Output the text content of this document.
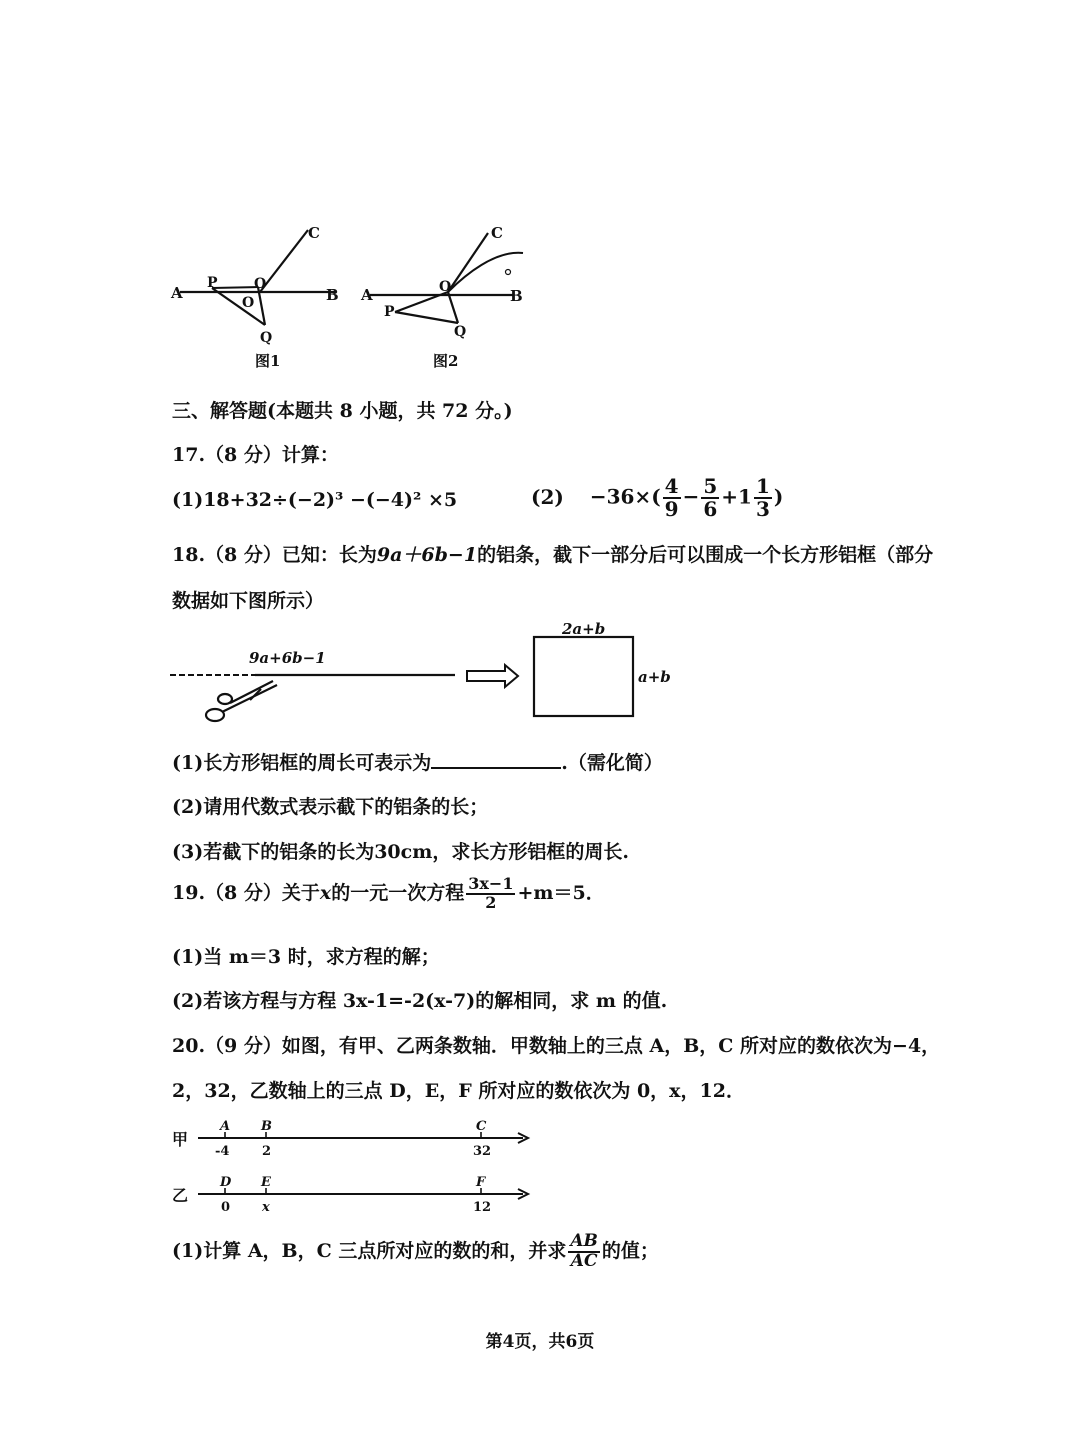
A
P	O
O	B
C
Q
图1
A
P
O	B
C
Q
图2
三、解答题(本题共 8 小题，共 72 分。)
17.（8 分）计算：
(1)18+32÷(−2)³ −(−4)² ×5	$(2) -36\times( \frac{4}{9} - \frac{5}{6} +1 \frac{1}{3}$ )
18.（8 分）已知：长为9a＋6b−1的铝条，截下一部分后可以围成一个长方形铝框（部分
数据如下图所示）
9a+6b−1
2a+b
a+b
(1)长方形铝框的周长可表示为	.（需化简）
(2)请用代数式表示截下的铝条的长；
(3)若截下的铝条的长为30cm，求长方形铝框的周长.
19.（8 分）关于x的一元一次方程 $\frac{3x-1}{2} +m=5$．
(1)当 m＝3 时，求方程的解；
(2)若该方程与方程 3x-1=-2(x-7)的解相同，求 m 的值.
20.（9 分）如图，有甲、乙两条数轴．甲数轴上的三点 A，B，C 所对应的数依次为−4，
2，32，乙数轴上的三点 D，E，F 所对应的数依次为 0，x，12．
甲
A B	C
-4	2	32
乙
D E	F
0 x	12
(1)计算 A，B，C 三点所对应的数的和，并求 $\frac{AB}{AC}$ 的值；
第4页，共6页
